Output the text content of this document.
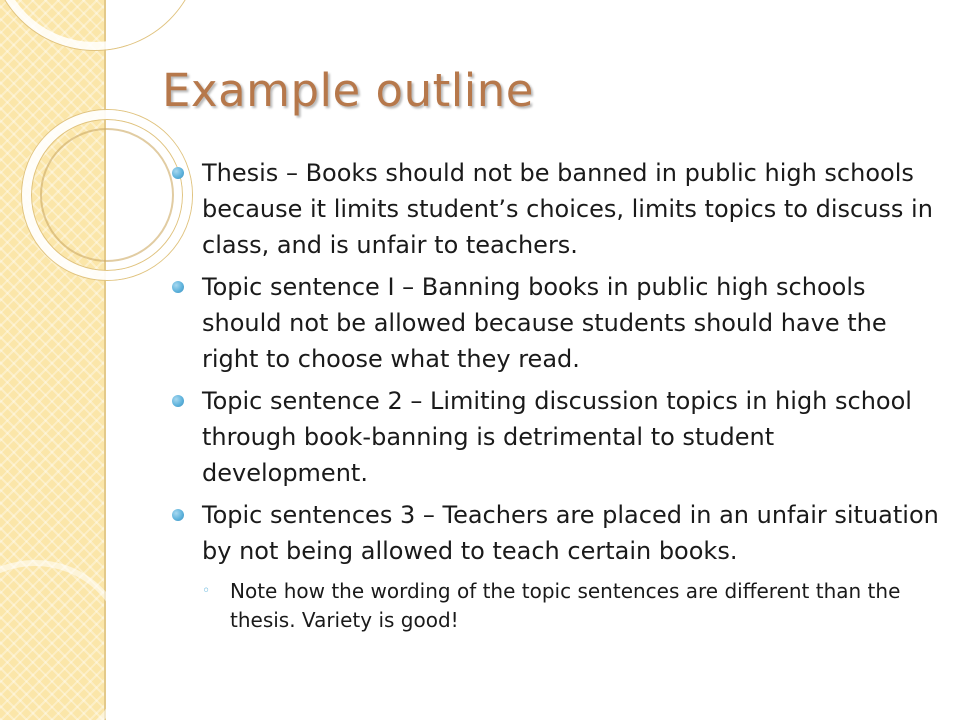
Example outline
Thesis – Books should not be banned in public high schools because it limits student’s choices, limits topics to discuss in class, and is unfair to teachers.
Topic sentence I – Banning books in public high schools should not be allowed because students should have the right to choose what they read.
Topic sentence 2 – Limiting discussion topics in high school through book-banning is detrimental to student development.
Topic sentences 3 – Teachers are placed in an unfair situation by not being allowed to teach certain books.
◦ Note how the wording of the topic sentences are different than the thesis. Variety is good!
